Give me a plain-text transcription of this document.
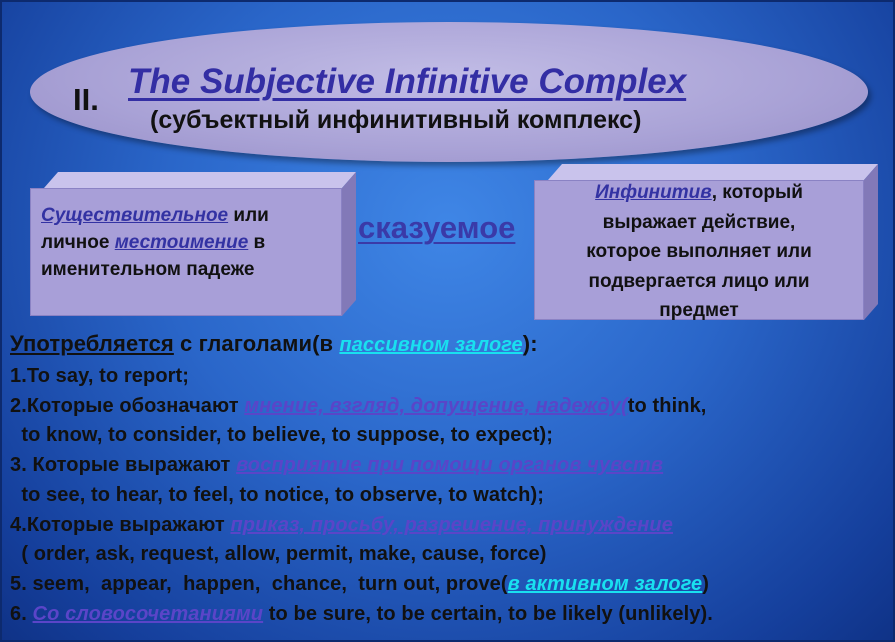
II. The Subjective Infinitive Complex
(субъектный инфинитивный комплекс)
Существительное или
личное местоимение в
именительном падеже
сказуемое
Инфинитив, который
выражает действие,
которое выполняет или
подвергается лицо или
предмет
Употребляется с глаголами(в пассивном залоге):
1.To say, to report;
2.Которые обозначают мнение, взгляд, допущение, надежду(to think,
to know, to consider, to believe, to suppose, to expect);
3. Которые выражают восприятие при помощи органов чувств
to see, to hear, to feel, to notice, to observe, to watch);
4.Которые выражают приказ, просьбу, разрешение, принуждение
( order, ask, request, allow, permit, make, cause, force)
5. seem,  appear,  happen,  chance,  turn out, prove(в активном залоге)
6. Со словосочетаниями to be sure, to be certain, to be likely (unlikely).
